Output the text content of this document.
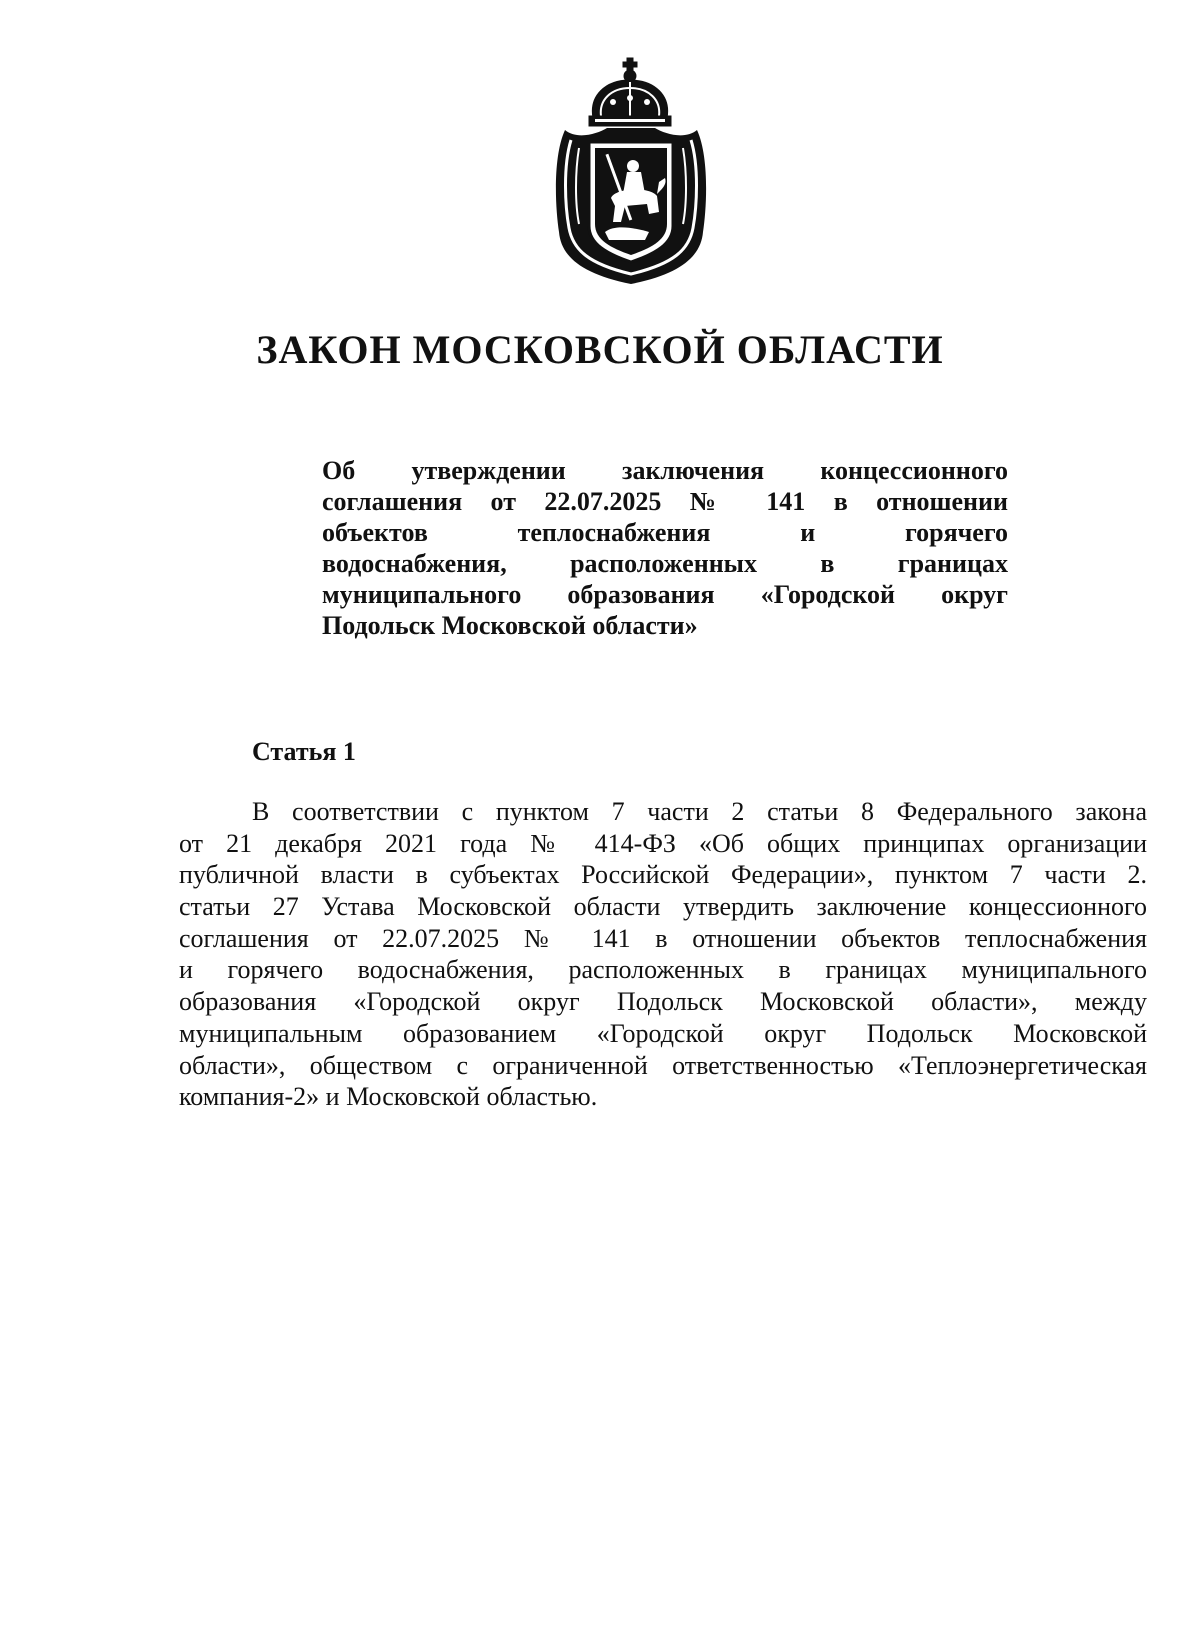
ЗАКОН МОСКОВСКОЙ ОБЛАСТИ
Об утверждении заключения концессионного
соглашения от 22.07.2025 № 141 в отношении
объектов теплоснабжения и горячего
водоснабжения, расположенных в границах
муниципального образования «Городской округ
Подольск Московской области»
Статья 1
В соответствии с пунктом 7 части 2 статьи 8 Федерального закона
от 21 декабря 2021 года № 414-ФЗ «Об общих принципах организации
публичной власти в субъектах Российской Федерации», пунктом 7 части 2.
статьи 27 Устава Московской области утвердить заключение концессионного
соглашения от 22.07.2025 № 141 в отношении объектов теплоснабжения
и горячего водоснабжения, расположенных в границах муниципального
образования «Городской округ Подольск Московской области», между
муниципальным образованием «Городской округ Подольск Московской
области», обществом с ограниченной ответственностью «Теплоэнергетическая
компания-2» и Московской областью.
